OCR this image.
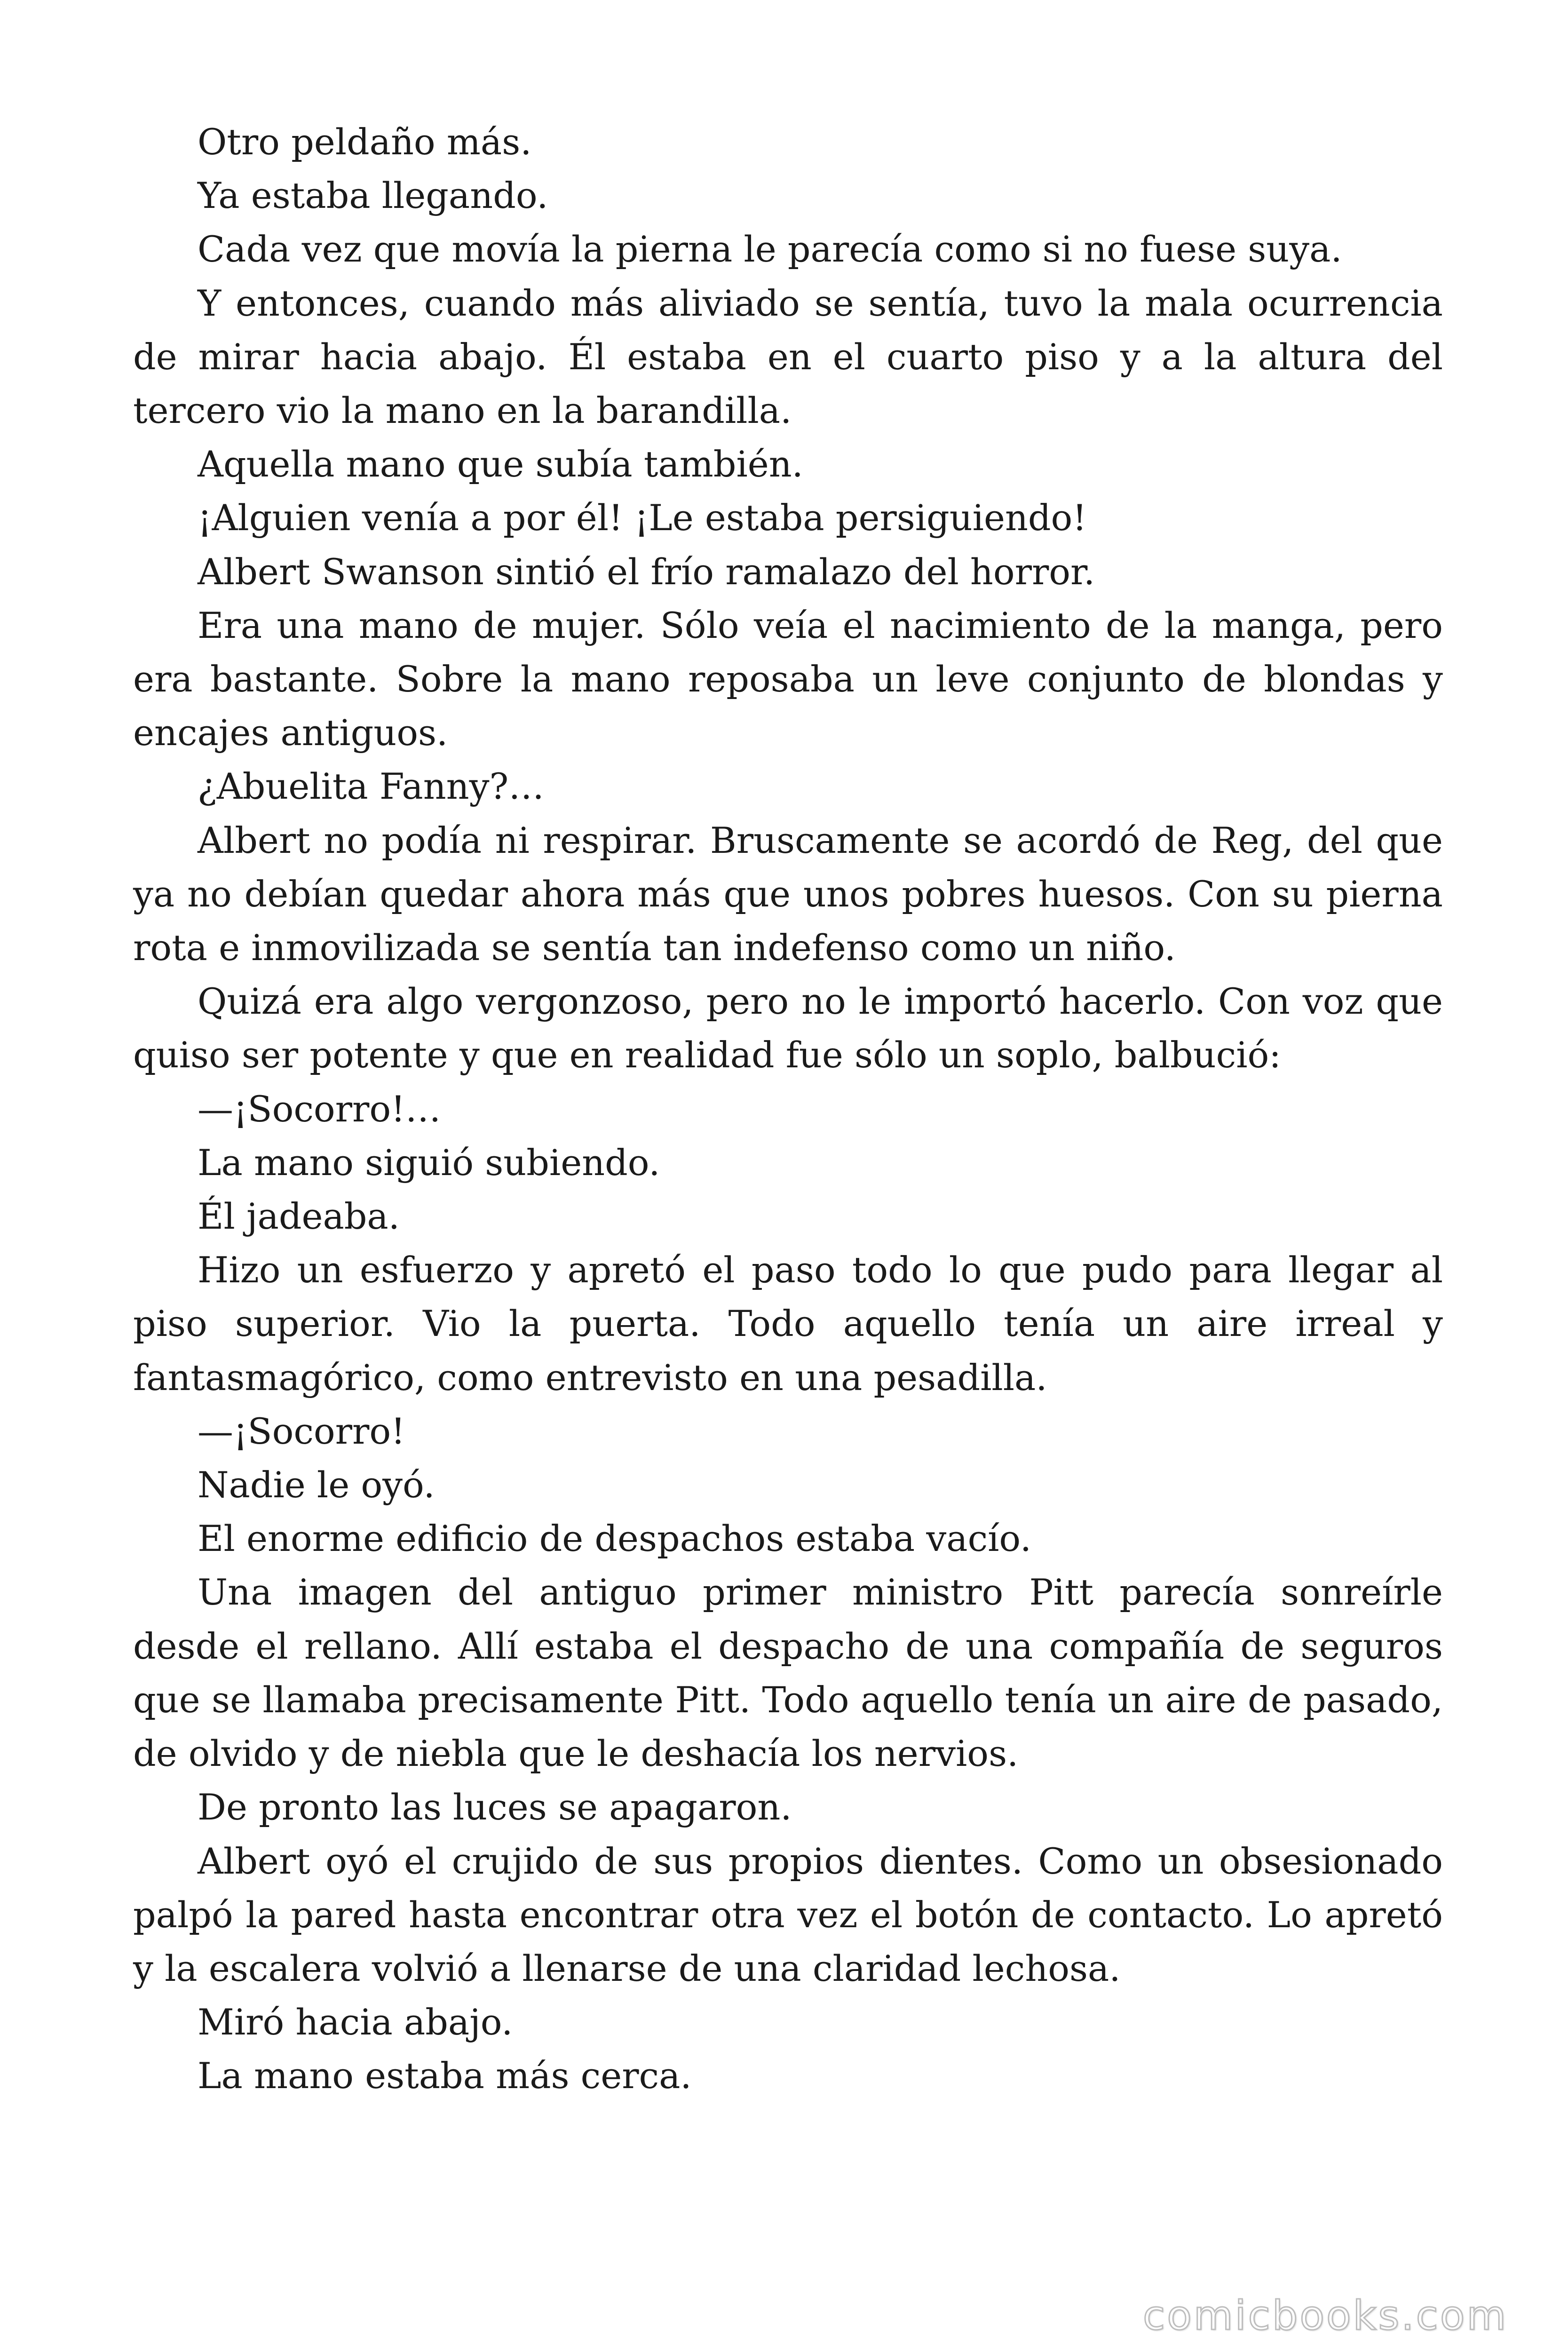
Otro peldaño más.

Ya estaba llegando.

Cada vez que movía la pierna le parecía como si no fuese suya.

Y entonces, cuando más aliviado se sentía, tuvo la mala ocurrencia de mirar hacia abajo. Él estaba en el cuarto piso y a la altura del tercero vio la mano en la barandilla.

Aquella mano que subía también.

¡Alguien venía a por él! ¡Le estaba persiguiendo!

Albert Swanson sintió el frío ramalazo del horror.

Era una mano de mujer. Sólo veía el nacimiento de la manga, pero era bastante. Sobre la mano reposaba un leve conjunto de blondas y encajes antiguos.

¿Abuelita Fanny?…

Albert no podía ni respirar. Bruscamente se acordó de Reg, del que ya no debían quedar ahora más que unos pobres huesos. Con su pierna rota e inmovilizada se sentía tan indefenso como un niño.

Quizá era algo vergonzoso, pero no le importó hacerlo. Con voz que quiso ser potente y que en realidad fue sólo un soplo, balbució:

—¡Socorro!…

La mano siguió subiendo.

Él jadeaba.

Hizo un esfuerzo y apretó el paso todo lo que pudo para llegar al piso superior. Vio la puerta. Todo aquello tenía un aire irreal y fantasmagórico, como entrevisto en una pesadilla.

—¡Socorro!

Nadie le oyó.

El enorme edificio de despachos estaba vacío.

Una imagen del antiguo primer ministro Pitt parecía sonreírle desde el rellano. Allí estaba el despacho de una compañía de seguros que se llamaba precisamente Pitt. Todo aquello tenía un aire de pasado, de olvido y de niebla que le deshacía los nervios.

De pronto las luces se apagaron.

Albert oyó el crujido de sus propios dientes. Como un obsesionado palpó la pared hasta encontrar otra vez el botón de contacto. Lo apretó y la escalera volvió a llenarse de una claridad lechosa.

Miró hacia abajo.

La mano estaba más cerca.

comicbooks.com
